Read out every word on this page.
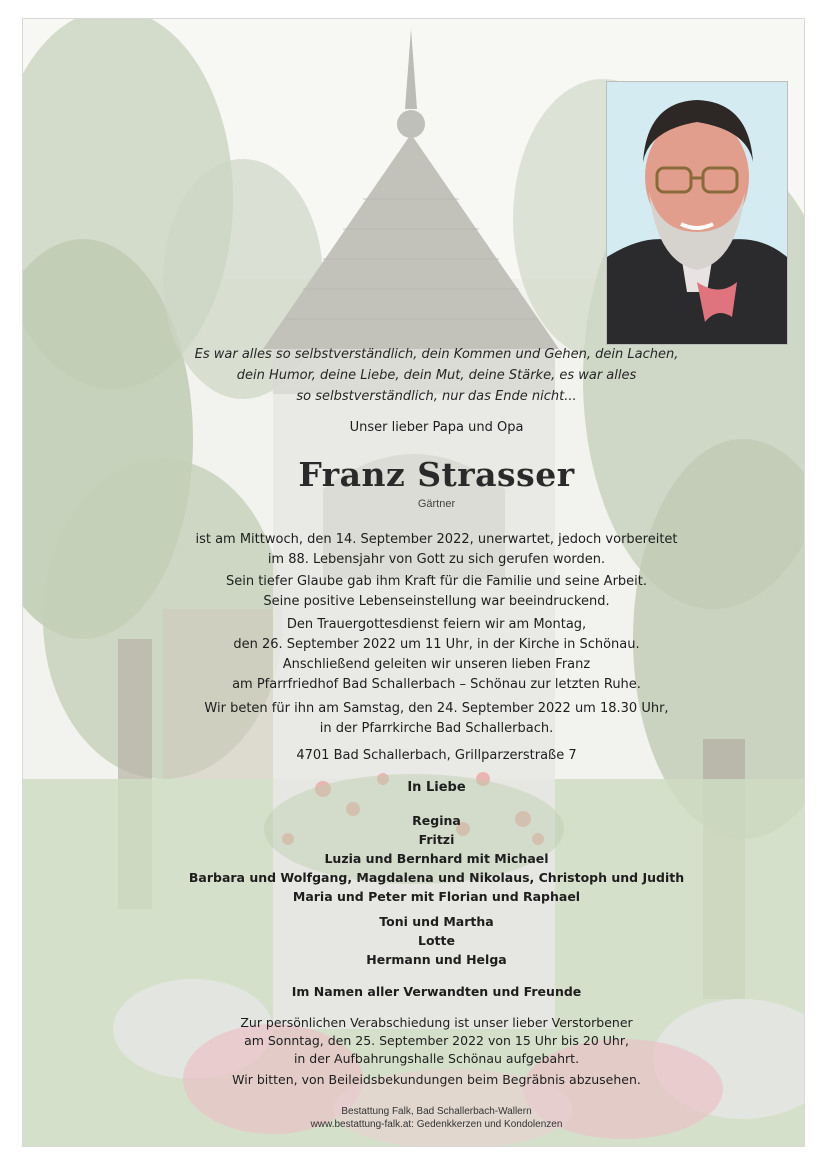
Es war alles so selbstverständlich, dein Kommen und Gehen, dein Lachen,
dein Humor, deine Liebe, dein Mut, deine Stärke, es war alles
so selbstverständlich, nur das Ende nicht...
Unser lieber Papa und Opa
Franz Strasser
Gärtner
ist am Mittwoch, den 14. September 2022, unerwartet, jedoch vorbereitet
im 88. Lebensjahr von Gott zu sich gerufen worden.
Sein tiefer Glaube gab ihm Kraft für die Familie und seine Arbeit.
Seine positive Lebenseinstellung war beeindruckend.
Den Trauergottesdienst feiern wir am Montag,
den 26. September 2022 um 11 Uhr, in der Kirche in Schönau.
Anschließend geleiten wir unseren lieben Franz
am Pfarrfriedhof Bad Schallerbach – Schönau zur letzten Ruhe.
Wir beten für ihn am Samstag, den 24. September 2022 um 18.30 Uhr,
in der Pfarrkirche Bad Schallerbach.
4701 Bad Schallerbach, Grillparzerstraße 7
In Liebe
Regina
Fritzi
Luzia und Bernhard mit Michael
Barbara und Wolfgang, Magdalena und Nikolaus, Christoph und Judith
Maria und Peter mit Florian und Raphael
Toni und Martha
Lotte
Hermann und Helga
Im Namen aller Verwandten und Freunde
Zur persönlichen Verabschiedung ist unser lieber Verstorbener
am Sonntag, den 25. September 2022 von 15 Uhr bis 20 Uhr,
in der Aufbahrungshalle Schönau aufgebahrt.
Wir bitten, von Beileidsbekundungen beim Begräbnis abzusehen.
Bestattung Falk, Bad Schallerbach-Wallern
www.bestattung-falk.at: Gedenkkerzen und Kondolenzen
